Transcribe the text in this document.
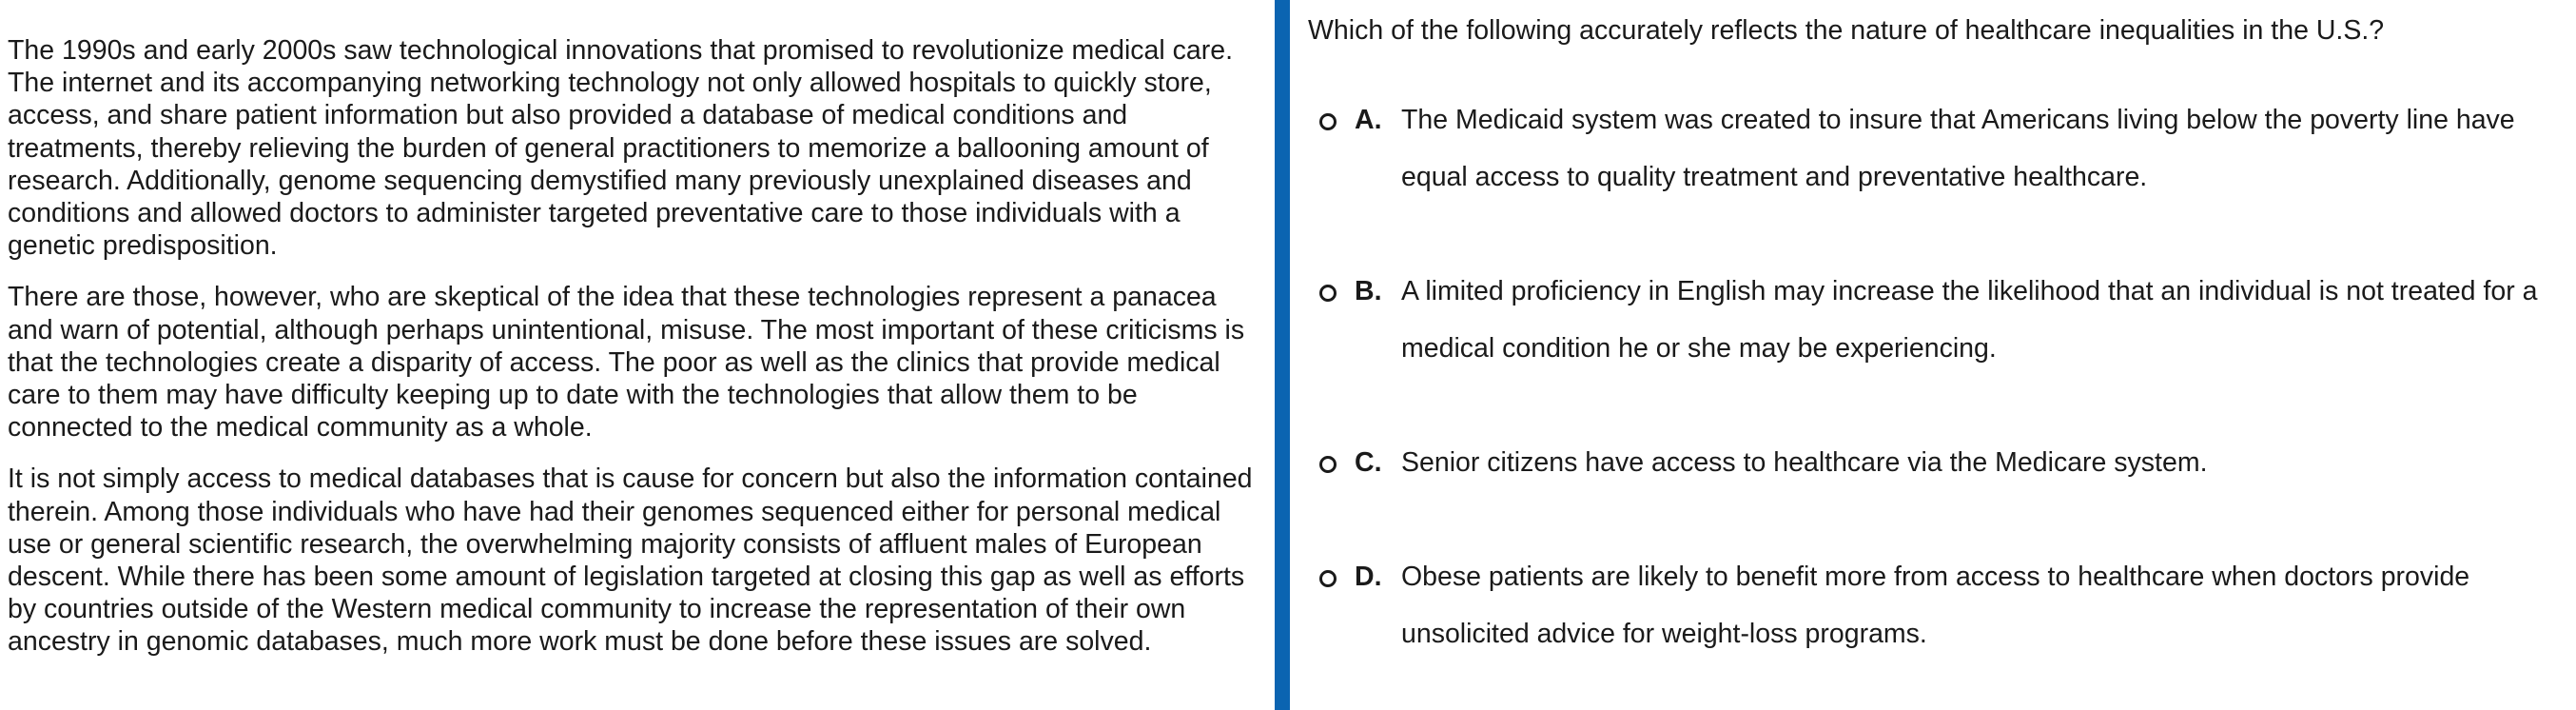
The 1990s and early 2000s saw technological innovations that promised to revolutionize medical care. The internet and its accompanying networking technology not only allowed hospitals to quickly store, access, and share patient information but also provided a database of medical conditions and treatments, thereby relieving the burden of general practitioners to memorize a ballooning amount of research. Additionally, genome sequencing demystified many previously unexplained diseases and conditions and allowed doctors to administer targeted preventative care to those individuals with a genetic predisposition.

There are those, however, who are skeptical of the idea that these technologies represent a panacea and warn of potential, although perhaps unintentional, misuse. The most important of these criticisms is that the technologies create a disparity of access. The poor as well as the clinics that provide medical care to them may have difficulty keeping up to date with the technologies that allow them to be connected to the medical community as a whole.

It is not simply access to medical databases that is cause for concern but also the information contained therein. Among those individuals who have had their genomes sequenced either for personal medical use or general scientific research, the overwhelming majority consists of affluent males of European descent. While there has been some amount of legislation targeted at closing this gap as well as efforts by countries outside of the Western medical community to increase the representation of their own ancestry in genomic databases, much more work must be done before these issues are solved.

Which of the following accurately reflects the nature of healthcare inequalities in the U.S.?
A. The Medicaid system was created to insure that Americans living below the poverty line have equal access to quality treatment and preventative healthcare.
B. A limited proficiency in English may increase the likelihood that an individual is not treated for a medical condition he or she may be experiencing.
C. Senior citizens have access to healthcare via the Medicare system.
D. Obese patients are likely to benefit more from access to healthcare when doctors provide unsolicited advice for weight-loss programs.
